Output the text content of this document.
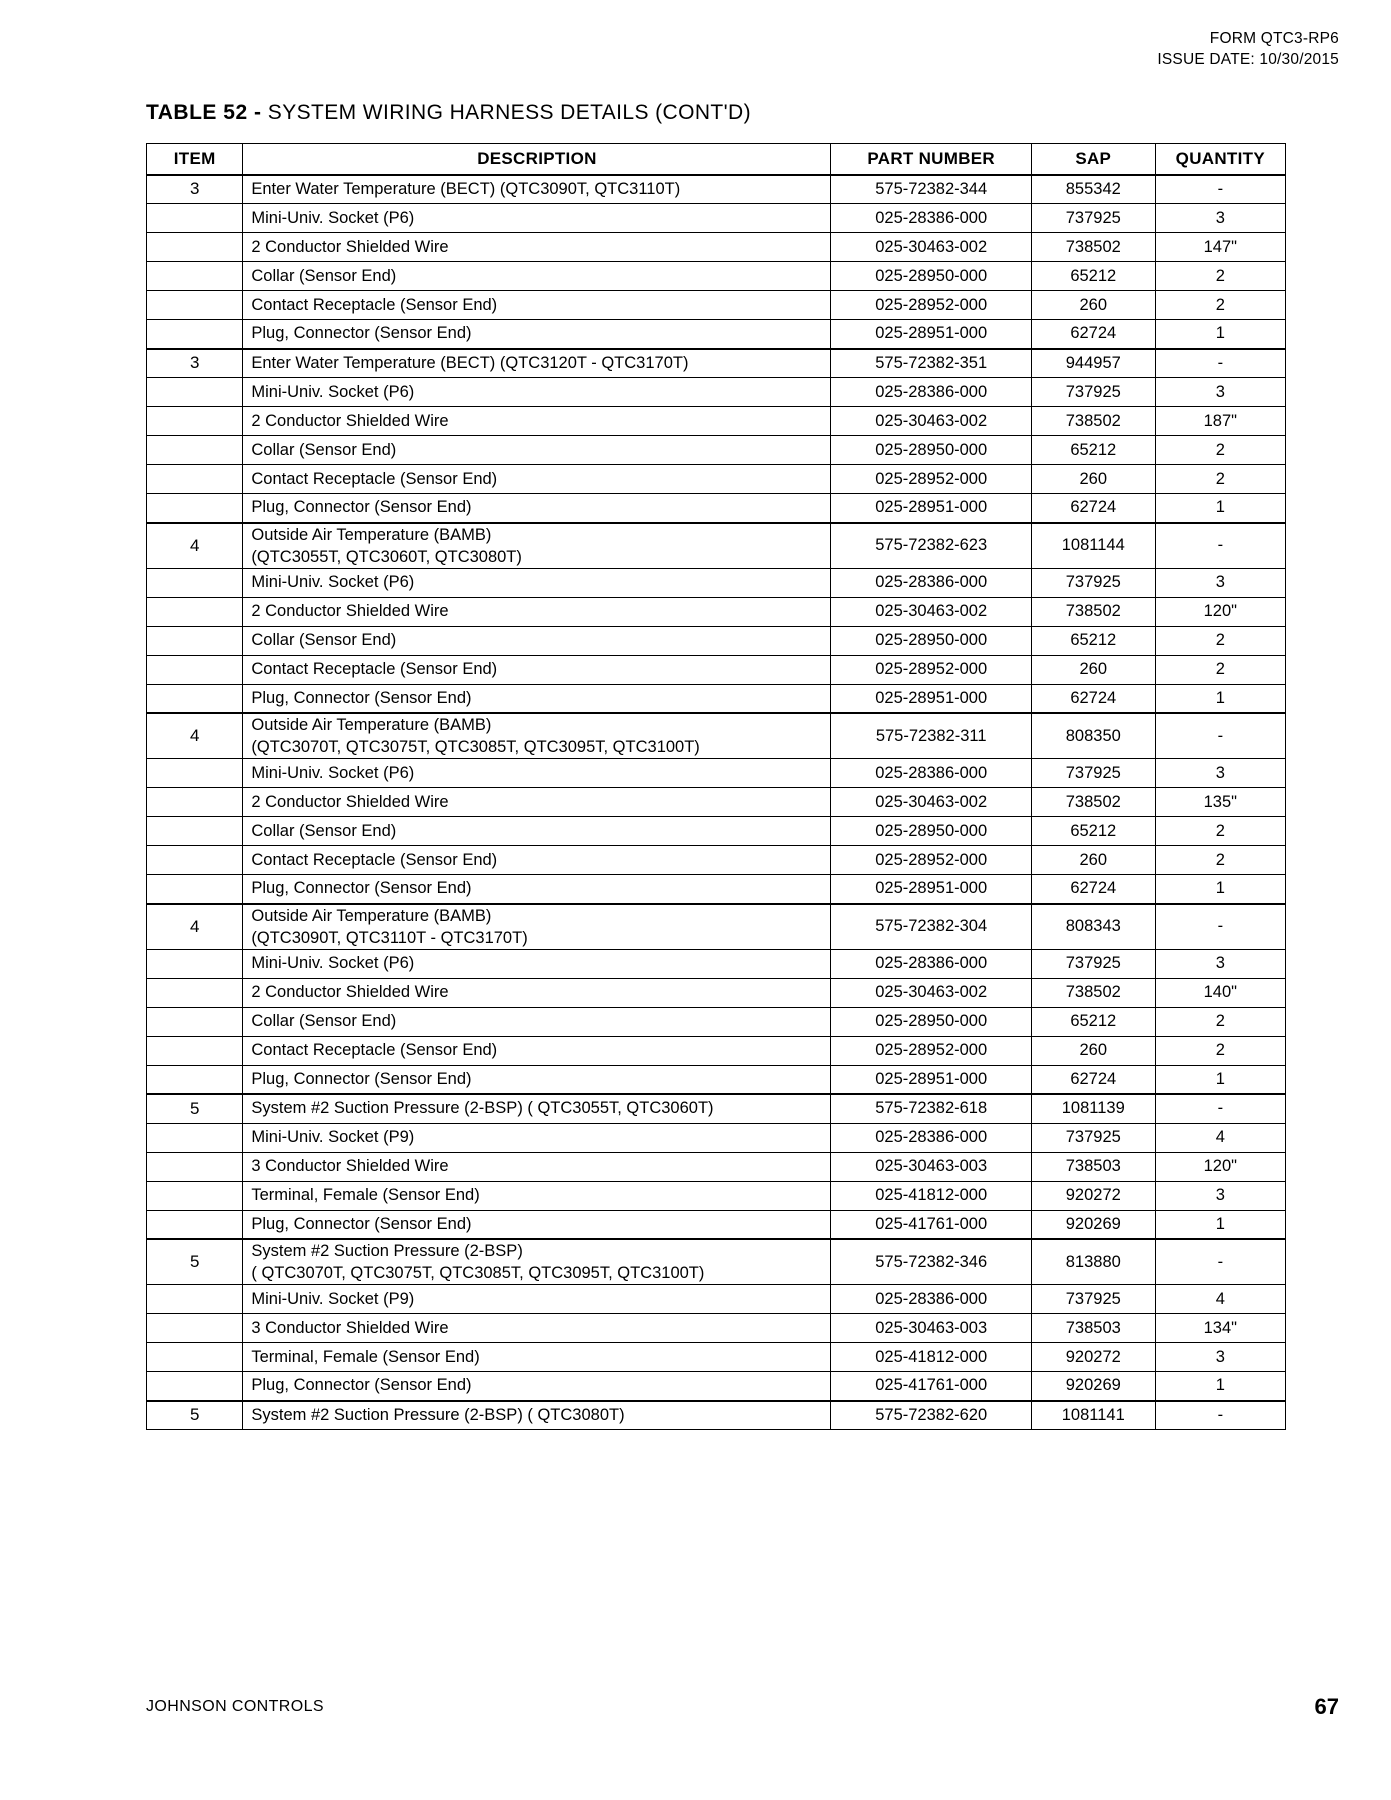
FORM QTC3-RP6
ISSUE DATE: 10/30/2015
TABLE 52 - SYSTEM WIRING HARNESS DETAILS (CONT'D)
ITEM	DESCRIPTION	PART NUMBER	SAP	QUANTITY
3	Enter Water Temperature (BECT) (QTC3090T, QTC3110T)	575-72382-344	855342	-
	Mini-Univ. Socket (P6)	025-28386-000	737925	3
	2 Conductor Shielded Wire	025-30463-002	738502	147"
	Collar (Sensor End)	025-28950-000	65212	2
	Contact Receptacle (Sensor End)	025-28952-000	260	2
	Plug, Connector (Sensor End)	025-28951-000	62724	1
3	Enter Water Temperature (BECT) (QTC3120T - QTC3170T)	575-72382-351	944957	-
	Mini-Univ. Socket (P6)	025-28386-000	737925	3
	2 Conductor Shielded Wire	025-30463-002	738502	187"
	Collar (Sensor End)	025-28950-000	65212	2
	Contact Receptacle (Sensor End)	025-28952-000	260	2
	Plug, Connector (Sensor End)	025-28951-000	62724	1
4	Outside Air Temperature (BAMB)
(QTC3055T, QTC3060T, QTC3080T)	575-72382-623	1081144	-
	Mini-Univ. Socket (P6)	025-28386-000	737925	3
	2 Conductor Shielded Wire	025-30463-002	738502	120"
	Collar (Sensor End)	025-28950-000	65212	2
	Contact Receptacle (Sensor End)	025-28952-000	260	2
	Plug, Connector (Sensor End)	025-28951-000	62724	1
4	Outside Air Temperature (BAMB)
(QTC3070T, QTC3075T, QTC3085T, QTC3095T, QTC3100T)	575-72382-311	808350	-
	Mini-Univ. Socket (P6)	025-28386-000	737925	3
	2 Conductor Shielded Wire	025-30463-002	738502	135"
	Collar (Sensor End)	025-28950-000	65212	2
	Contact Receptacle (Sensor End)	025-28952-000	260	2
	Plug, Connector (Sensor End)	025-28951-000	62724	1
4	Outside Air Temperature (BAMB)
(QTC3090T, QTC3110T - QTC3170T)	575-72382-304	808343	-
	Mini-Univ. Socket (P6)	025-28386-000	737925	3
	2 Conductor Shielded Wire	025-30463-002	738502	140"
	Collar (Sensor End)	025-28950-000	65212	2
	Contact Receptacle (Sensor End)	025-28952-000	260	2
	Plug, Connector (Sensor End)	025-28951-000	62724	1
5	System #2 Suction Pressure (2-BSP) ( QTC3055T, QTC3060T)	575-72382-618	1081139	-
	Mini-Univ. Socket (P9)	025-28386-000	737925	4
	3 Conductor Shielded Wire	025-30463-003	738503	120"
	Terminal, Female (Sensor End)	025-41812-000	920272	3
	Plug, Connector (Sensor End)	025-41761-000	920269	1
5	System #2 Suction Pressure (2-BSP)
( QTC3070T, QTC3075T, QTC3085T, QTC3095T, QTC3100T)	575-72382-346	813880	-
	Mini-Univ. Socket (P9)	025-28386-000	737925	4
	3 Conductor Shielded Wire	025-30463-003	738503	134"
	Terminal, Female (Sensor End)	025-41812-000	920272	3
	Plug, Connector (Sensor End)	025-41761-000	920269	1
5	System #2 Suction Pressure (2-BSP) ( QTC3080T)	575-72382-620	1081141	-
JOHNSON CONTROLS	67
